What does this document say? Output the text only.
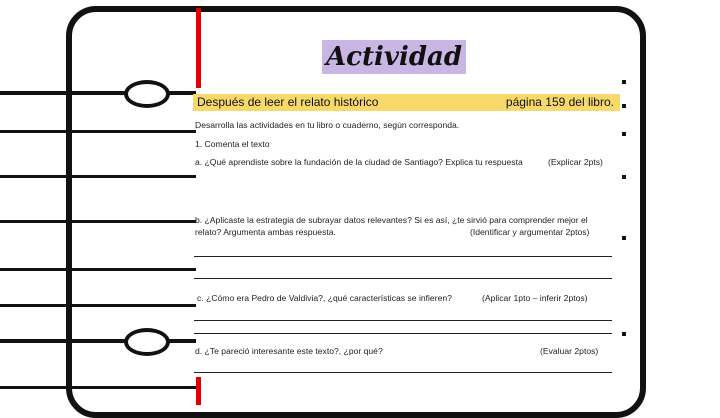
Actividad
Después de leer el relato histórico	página 159 del libro.
Desarrolla las actividades en tu libro o cuaderno, según corresponda.
1. Comenta el texto
a. ¿Qué aprendiste sobre la fundación de la ciudad de Santiago? Explica tu respuesta	(Explicar 2pts)
b. ¿Aplicaste la estrategia de subrayar datos relevantes? Si es así, ¿te sirvió para comprender mejor el
relato? Argumenta ambas respuesta.	(Identificar y argumentar 2ptos)
c. ¿Cómo era Pedro de Valdivia?, ¿qué características se infieren?	(Aplicar 1pto – inferir 2ptos)
d. ¿Te pareció interesante este texto?, ¿por qué?	(Evaluar 2ptos)
